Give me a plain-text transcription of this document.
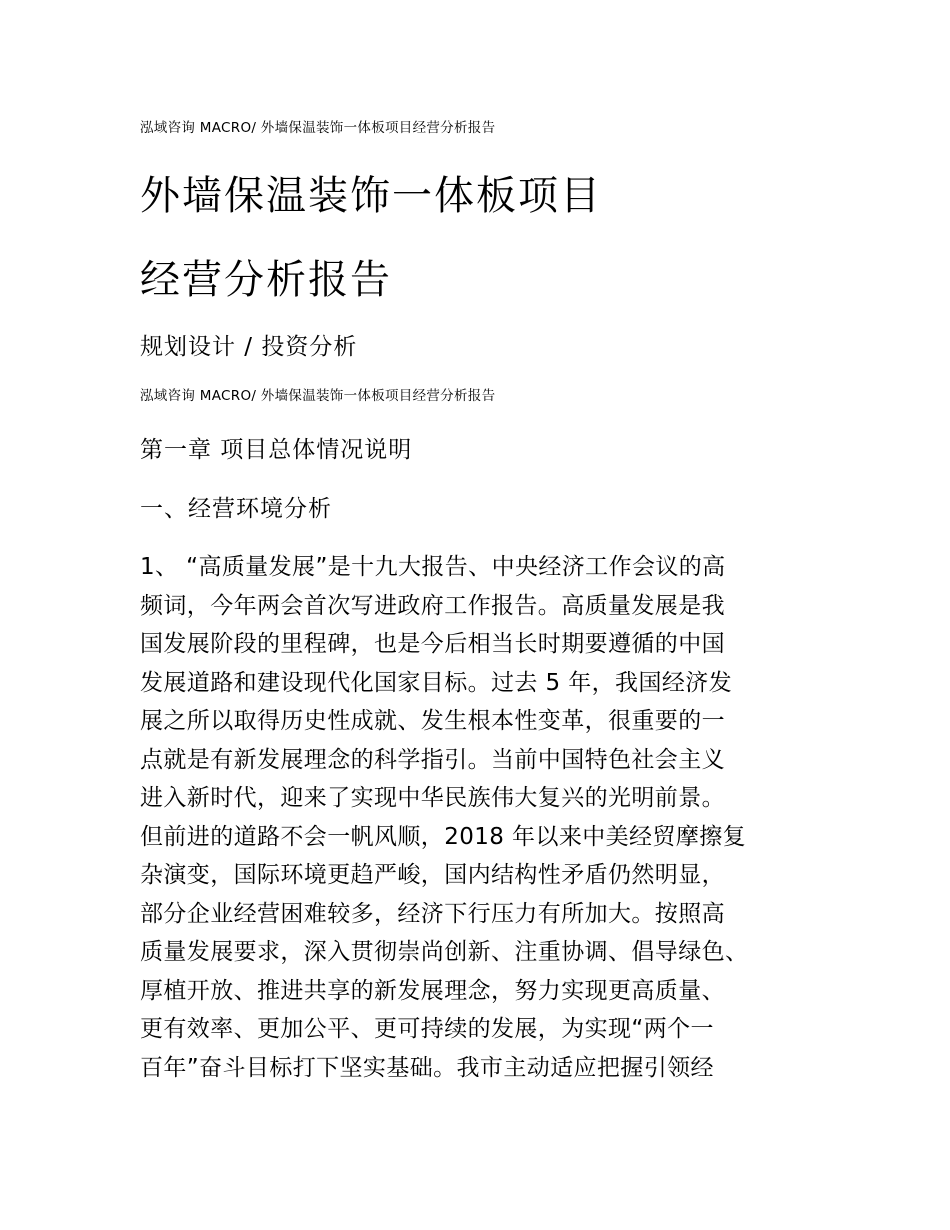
泓域咨询 MACRO/ 外墙保温装饰一体板项目经营分析报告
外墙保温装饰一体板项目
经营分析报告
规划设计 / 投资分析
泓域咨询 MACRO/ 外墙保温装饰一体板项目经营分析报告
第一章 项目总体情况说明
一、经营环境分析
1、 “高质量发展”是十九大报告、中央经济工作会议的高
频词，今年两会首次写进政府工作报告。高质量发展是我
国发展阶段的里程碑，也是今后相当长时期要遵循的中国
发展道路和建设现代化国家目标。过去 5 年，我国经济发
展之所以取得历史性成就、发生根本性变革，很重要的一
点就是有新发展理念的科学指引。当前中国特色社会主义
进入新时代，迎来了实现中华民族伟大复兴的光明前景。
但前进的道路不会一帆风顺，2018 年以来中美经贸摩擦复
杂演变，国际环境更趋严峻，国内结构性矛盾仍然明显，
部分企业经营困难较多，经济下行压力有所加大。按照高
质量发展要求，深入贯彻崇尚创新、注重协调、倡导绿色、
厚植开放、推进共享的新发展理念，努力实现更高质量、
更有效率、更加公平、更可持续的发展，为实现“两个一
百年”奋斗目标打下坚实基础。我市主动适应把握引领经
